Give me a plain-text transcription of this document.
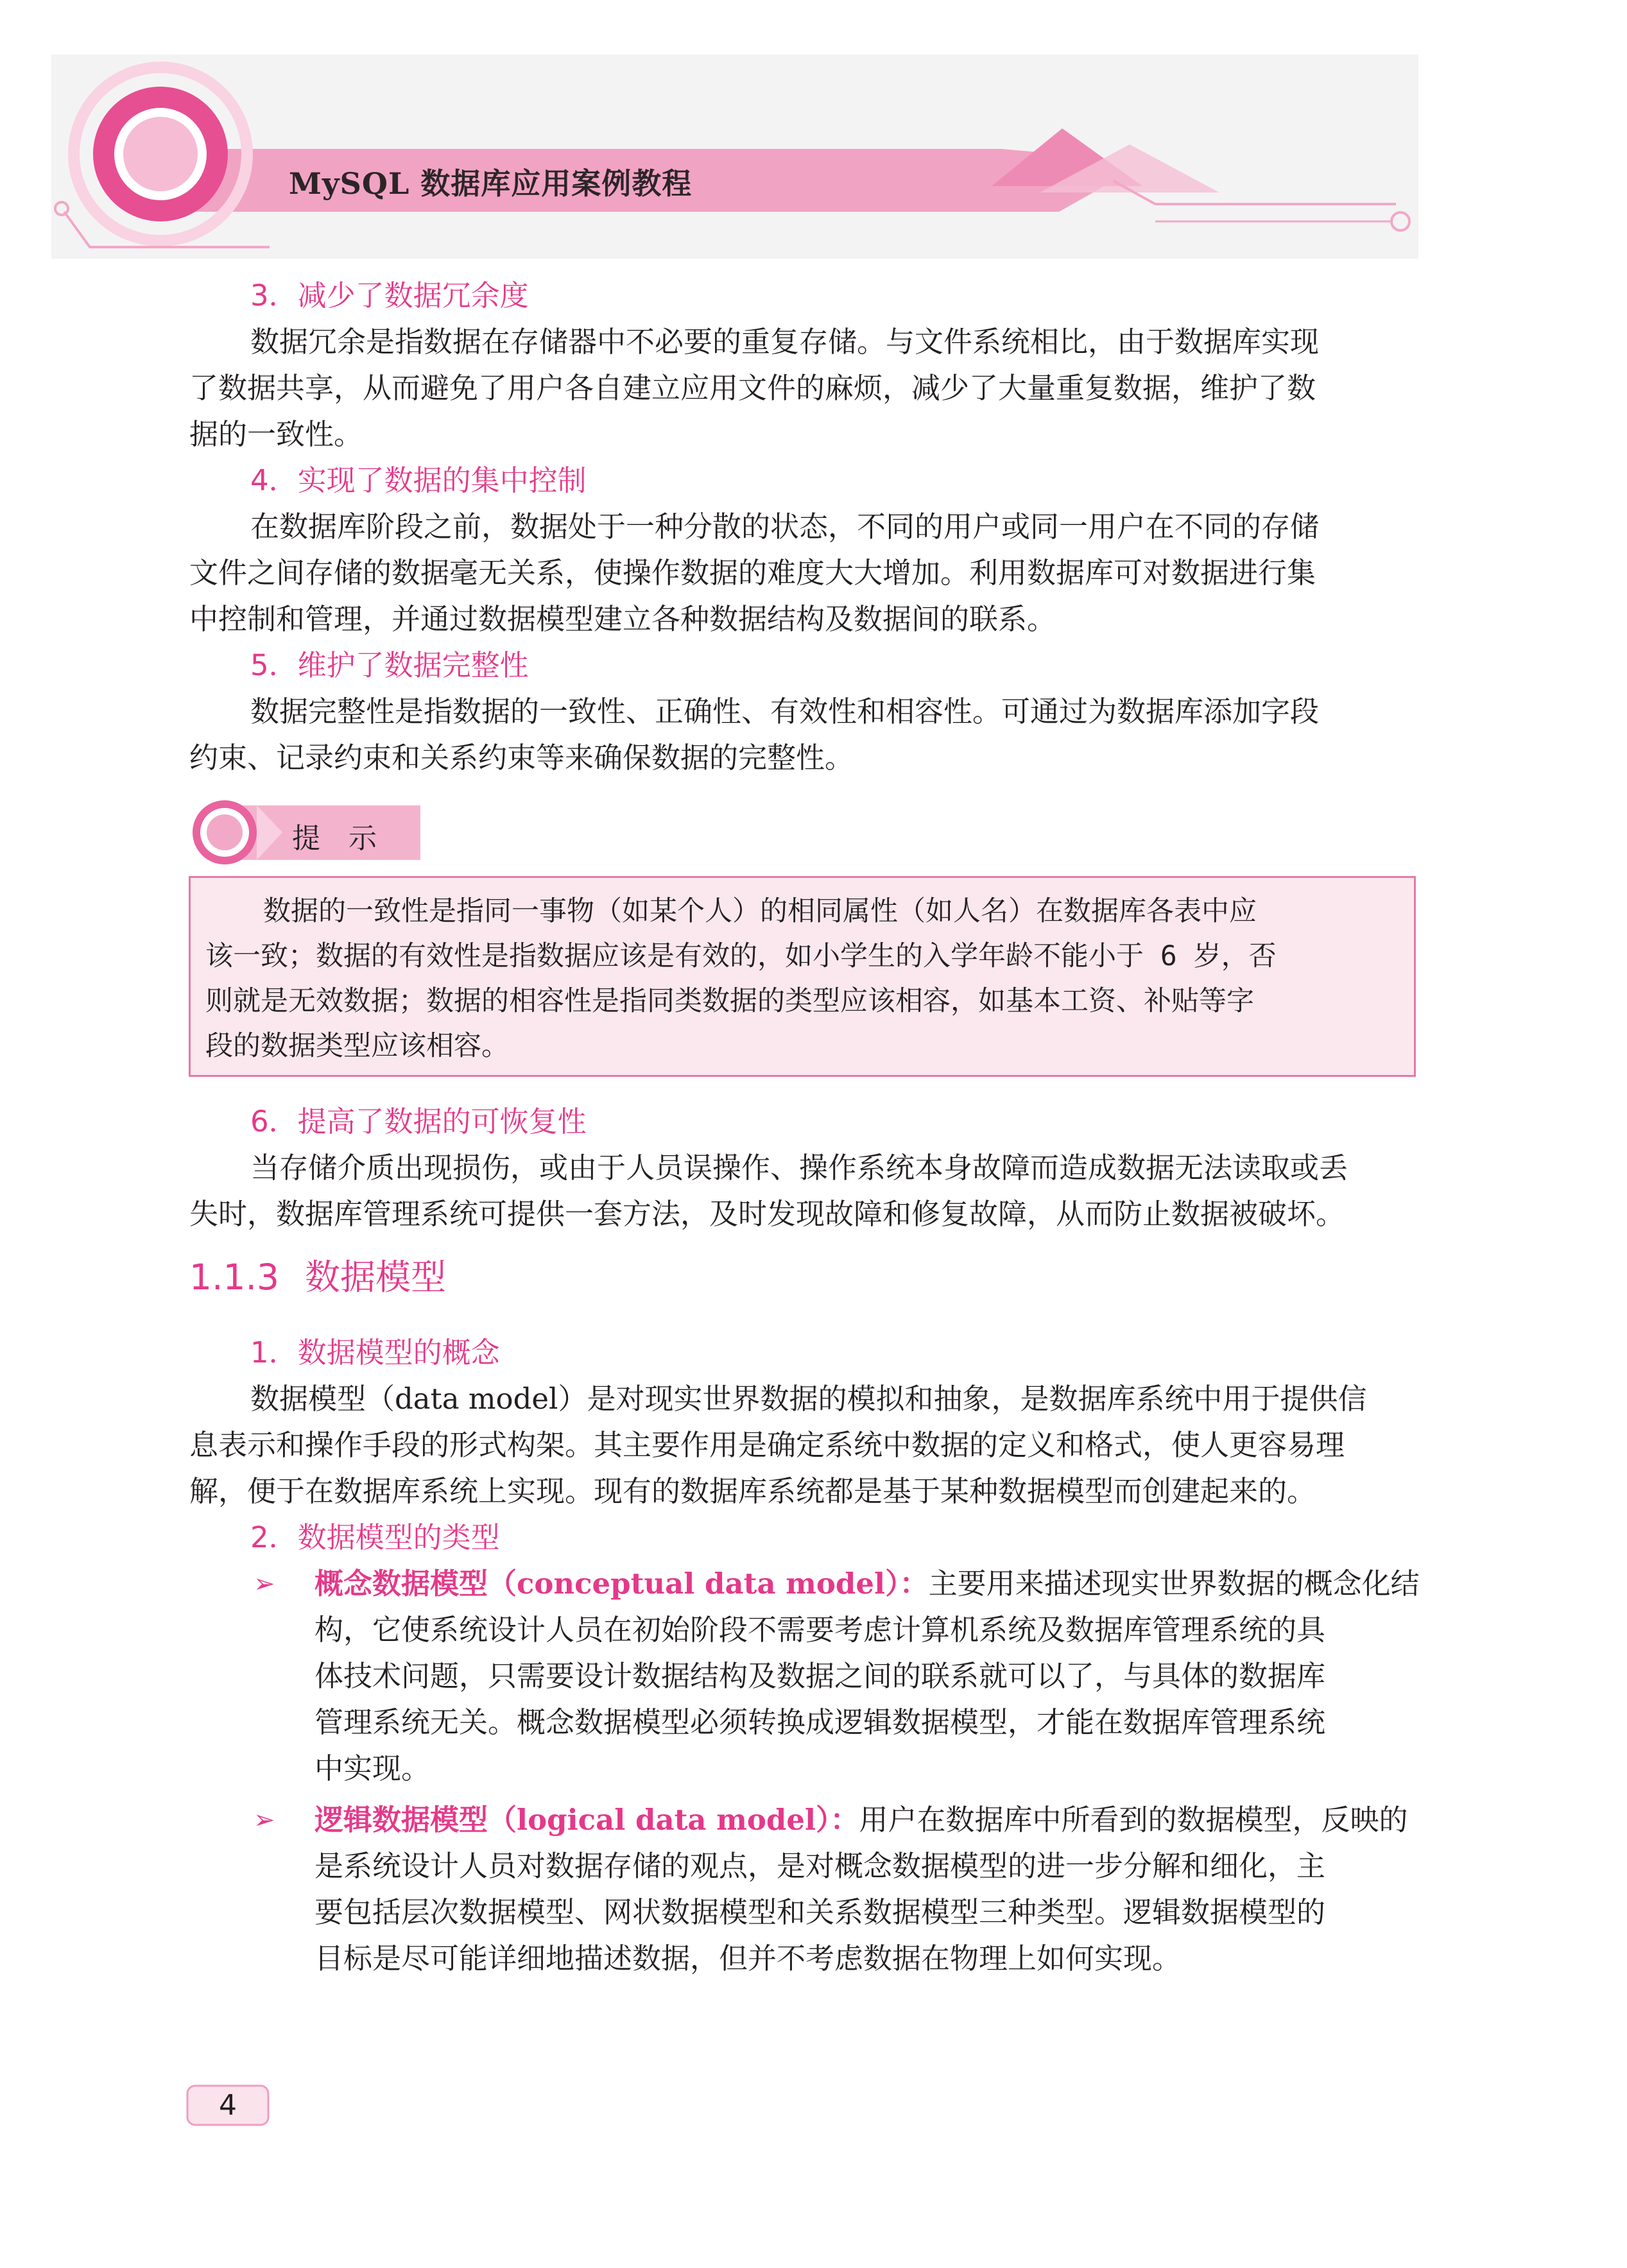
MySQL 数据库应用案例教程
3．减少了数据冗余度
数据冗余是指数据在存储器中不必要的重复存储。与文件系统相比，由于数据库实现
了数据共享，从而避免了用户各自建立应用文件的麻烦，减少了大量重复数据，维护了数
据的一致性。
4．实现了数据的集中控制
在数据库阶段之前，数据处于一种分散的状态，不同的用户或同一用户在不同的存储
文件之间存储的数据毫无关系，使操作数据的难度大大增加。利用数据库可对数据进行集
中控制和管理，并通过数据模型建立各种数据结构及数据间的联系。
5．维护了数据完整性
数据完整性是指数据的一致性、正确性、有效性和相容性。可通过为数据库添加字段
约束、记录约束和关系约束等来确保数据的完整性。
提示
数据的一致性是指同一事物（如某个人）的相同属性（如人名）在数据库各表中应
该一致；数据的有效性是指数据应该是有效的，如小学生的入学年龄不能小于 6 岁，否
则就是无效数据；数据的相容性是指同类数据的类型应该相容，如基本工资、补贴等字
段的数据类型应该相容。
6．提高了数据的可恢复性
当存储介质出现损伤，或由于人员误操作、操作系统本身故障而造成数据无法读取或丢
失时，数据库管理系统可提供一套方法，及时发现故障和修复故障，从而防止数据被破坏。
1.1.3 数据模型
1．数据模型的概念
数据模型（data model）是对现实世界数据的模拟和抽象，是数据库系统中用于提供信
息表示和操作手段的形式构架。其主要作用是确定系统中数据的定义和格式，使人更容易理
解，便于在数据库系统上实现。现有的数据库系统都是基于某种数据模型而创建起来的。
2．数据模型的类型
➢ 概念数据模型（conceptual data model）：主要用来描述现实世界数据的概念化结
构，它使系统设计人员在初始阶段不需要考虑计算机系统及数据库管理系统的具
体技术问题，只需要设计数据结构及数据之间的联系就可以了，与具体的数据库
管理系统无关。概念数据模型必须转换成逻辑数据模型，才能在数据库管理系统
中实现。
➢ 逻辑数据模型（logical data model）：用户在数据库中所看到的数据模型，反映的
是系统设计人员对数据存储的观点，是对概念数据模型的进一步分解和细化，主
要包括层次数据模型、网状数据模型和关系数据模型三种类型。逻辑数据模型的
目标是尽可能详细地描述数据，但并不考虑数据在物理上如何实现。
4
